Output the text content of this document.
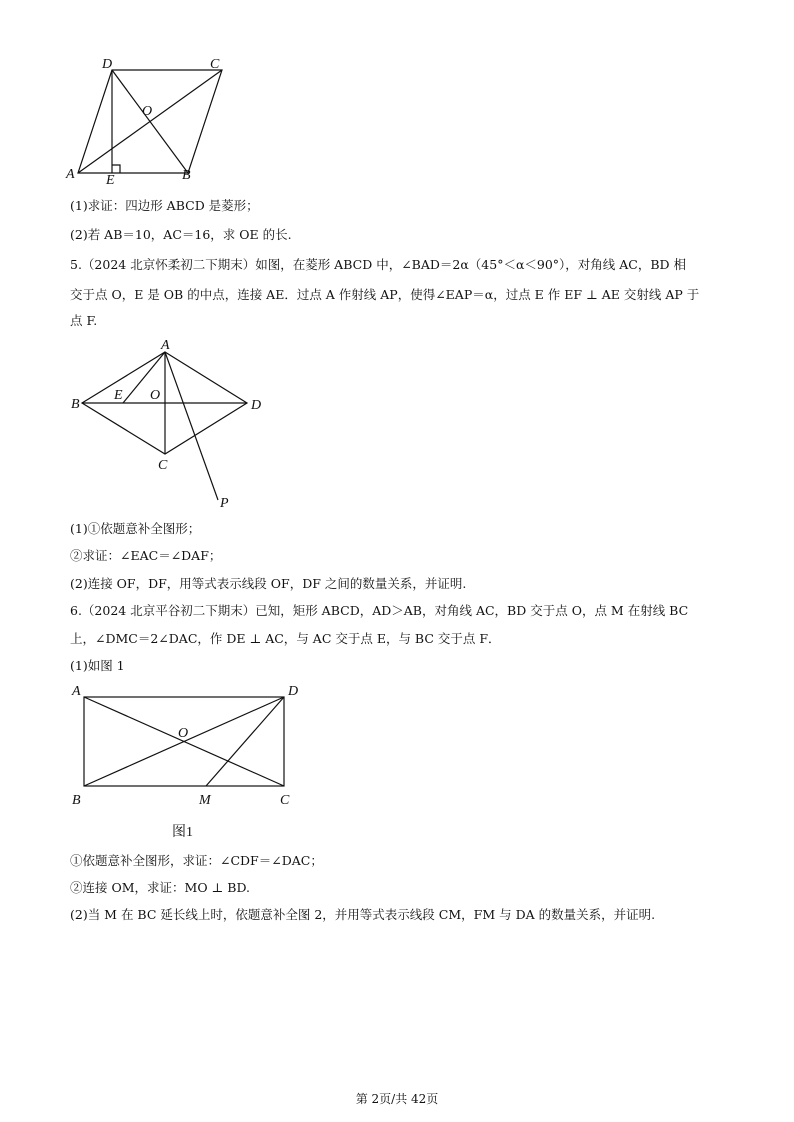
D	C
O
A E	B
(1)求证：四边形 ABCD 是菱形；
(2)若 AB＝10，AC＝16，求 OE 的长.
5.（2024 北京怀柔初二下期末）如图，在菱形 ABCD 中，∠BAD＝2α（45°＜α＜90°），对角线 AC，BD 相
交于点 O，E 是 OB 的中点，连接 AE．过点 A 作射线 AP，使得∠EAP＝α，过点 E 作 EF ⊥ AE 交射线 AP 于
点 F.
A
B
E O
D
C
P
(1)①依题意补全图形；
②求证：∠EAC＝∠DAF；
(2)连接 OF，DF，用等式表示线段 OF，DF 之间的数量关系，并证明.
6.（2024 北京平谷初二下期末）已知，矩形 ABCD，AD＞AB，对角线 AC，BD 交于点 O，点 M 在射线 BC
上，∠DMC＝2∠DAC，作 DE ⊥ AC，与 AC 交于点 E，与 BC 交于点 F．
(1)如图 1
A	D
O
B	M	C
图1
①依题意补全图形，求证：∠CDF＝∠DAC；
②连接 OM，求证：MO ⊥ BD.
(2)当 M 在 BC 延长线上时，依题意补全图 2，并用等式表示线段 CM，FM 与 DA 的数量关系，并证明.
第 2页/共 42页
